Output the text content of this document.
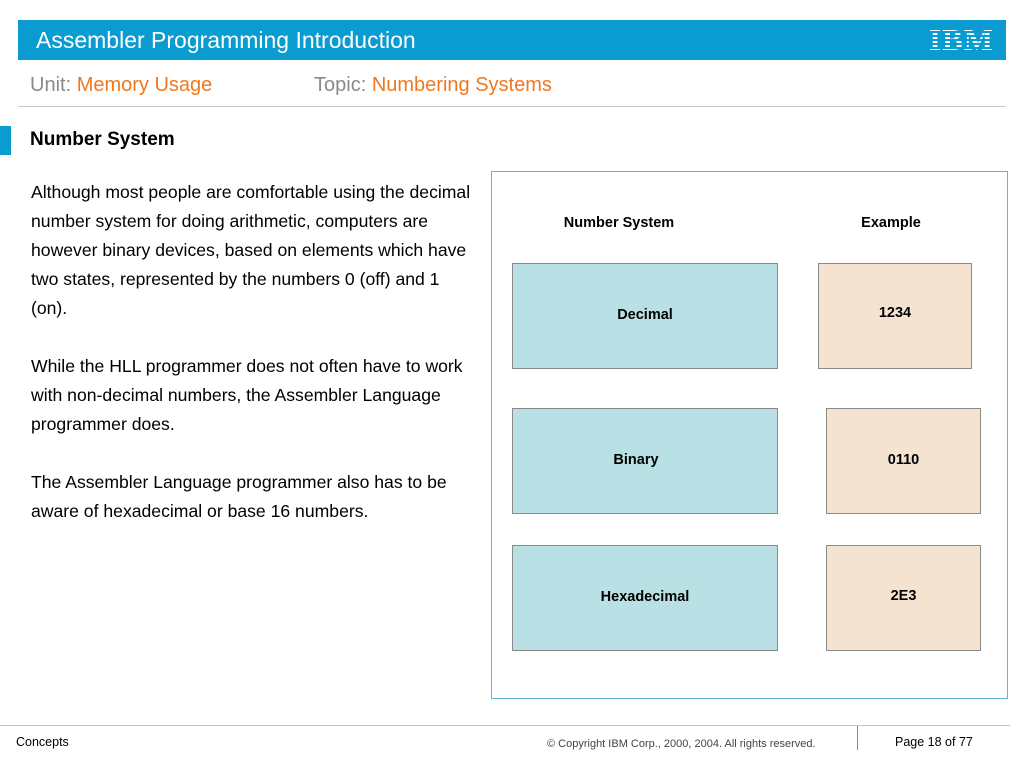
Assembler Programming Introduction	IBM
Unit: Memory Usage	Topic: Numbering Systems
Number System

Although most people are comfortable using the decimal number system for doing arithmetic, computers are however binary devices, based on elements which have two states, represented by the numbers 0 (off) and 1 (on).

While the HLL programmer does not often have to work with non-decimal numbers, the Assembler Language programmer does.

The Assembler Language programmer also has to be aware of hexadecimal or base 16 numbers.

Number System	Example
Decimal	1234
Binary	0110
Hexadecimal	2E3
Concepts	© Copyright IBM Corp., 2000, 2004. All rights reserved.	Page 18 of 77
